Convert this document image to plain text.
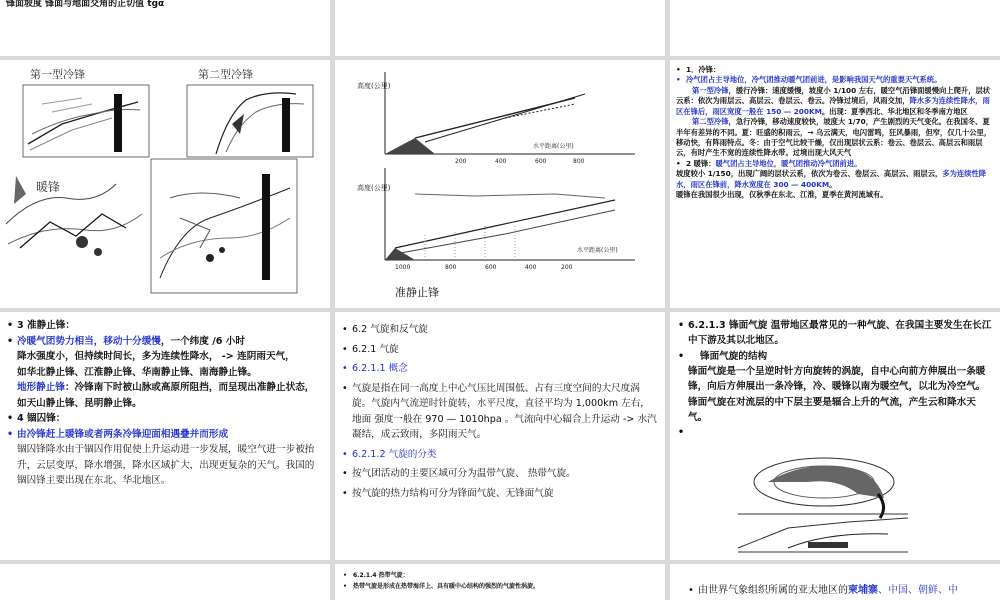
锋面坡度 锋面与地面交角的正切值 tgα
第一型冷锋	第二型冷锋
暖锋
高度(公里)
水平距离(公里)
200	400	600	800
高度(公里)
水平距离(公里)
1000	800	600	400	200
准静止锋
• 1．冷锋：
• 冷气团占主导地位，冷气团推动暖气团前进，是影响我国天气的重要天气系统。
第一型冷锋，缓行冷锋：速度缓慢，坡度小 1/100 左右，暖空气沿锋面缓慢向上爬升，层状云系：依次为雨层云、高层云、卷层云、卷云。冷锋过境后，风雨交加，降水多为连续性降水，雨区在锋后，雨区宽度一般在 150 — 200KM。出现：夏季西北、华北地区和冬季南方地区
第二型冷锋，急行冷锋，移动速度较快，坡度大 1/70，产生剧烈的天气变化。在我国冬、夏半年有差异的不同。夏：旺盛的积雨云，→ 乌云满天，电闪雷鸣，狂风暴雨，但窄，仅几十公里，移动快，有阵雨特点。冬：由于空气比较干燥，仅出现层状云系：卷云、卷层云、高层云和雨层云，有时产生不宽的连续性降水带。过境出现大风天气
• 2 暖锋：暖气团占主导地位，暖气团推动冷气团前进。
坡度较小 1/150，出现广阔的层状云系，依次为卷云、卷层云、高层云、雨层云，多为连续性降水，雨区在锋前，降水宽度在 300 — 400KM。
暖锋在我国很少出现，仅秋季在东北、江淮，夏季在黄河流域有。
• 3 准静止锋：
• 冷暖气团势力相当，移动十分缓慢，一个纬度 /6 小时
降水强度小，但持续时间长，多为连续性降水， -> 连阴雨天气，
如华北静止锋、江淮静止锋、华南静止锋、南海静止锋。
地形静止锋：冷锋南下时被山脉或高原所阻挡，而呈现出准静止状态，如天山静止锋、昆明静止锋。
• 4 锢囚锋：
• 由冷锋赶上暖锋或者两条冷锋迎面相遇叠并而形成
锢囚锋降水由于锢囚作用促使上升运动进一步发展，暖空气进一步被抬升，云层变厚，降水增强，降水区域扩大，出现更复杂的天气。我国的锢囚锋主要出现在东北、华北地区。
• 6.2 气旋和反气旋
• 6.2.1 气旋
• 6.2.1.1 概念
• 气旋是指在同一高度上中心气压比周围低、占有三度空间的大尺度涡旋。气旋内气流逆时针旋转，水平尺度，直径平均为 1,000km 左右，地面 强度一般在 970 — 1010hpa 。气流向中心辐合上升运动 -> 水汽凝结，成云致雨，多阴雨天气。
• 6.2.1.2 气旋的分类
• 按气团活动的主要区域可分为温带气旋、 热带气旋。
• 按气旋的热力结构可分为锋面气旋、无锋面气旋
• 6.2.1.3 锋面气旋 温带地区最常见的一种气旋、在我国主要发生在长江中下游及其以北地区。
• 锋面气旋的结构
锋面气旋是一个呈逆时针方向旋转的涡旋，自中心向前方伸展出一条暖锋，向后方伸展出一条冷锋，冷、暖锋以南为暖空气，以北为冷空气。锋面气旋在对流层的中下层主要是辐合上升的气流，产生云和降水天气。
•
• 6.2.1.4 热带气旋：
• 热带气旋是形成在热带海洋上、具有暖中心结构的强烈的气旋性涡旋。
•	由世界气象组织所属的亚太地区的柬埔寨、中国、朝鲜、中
